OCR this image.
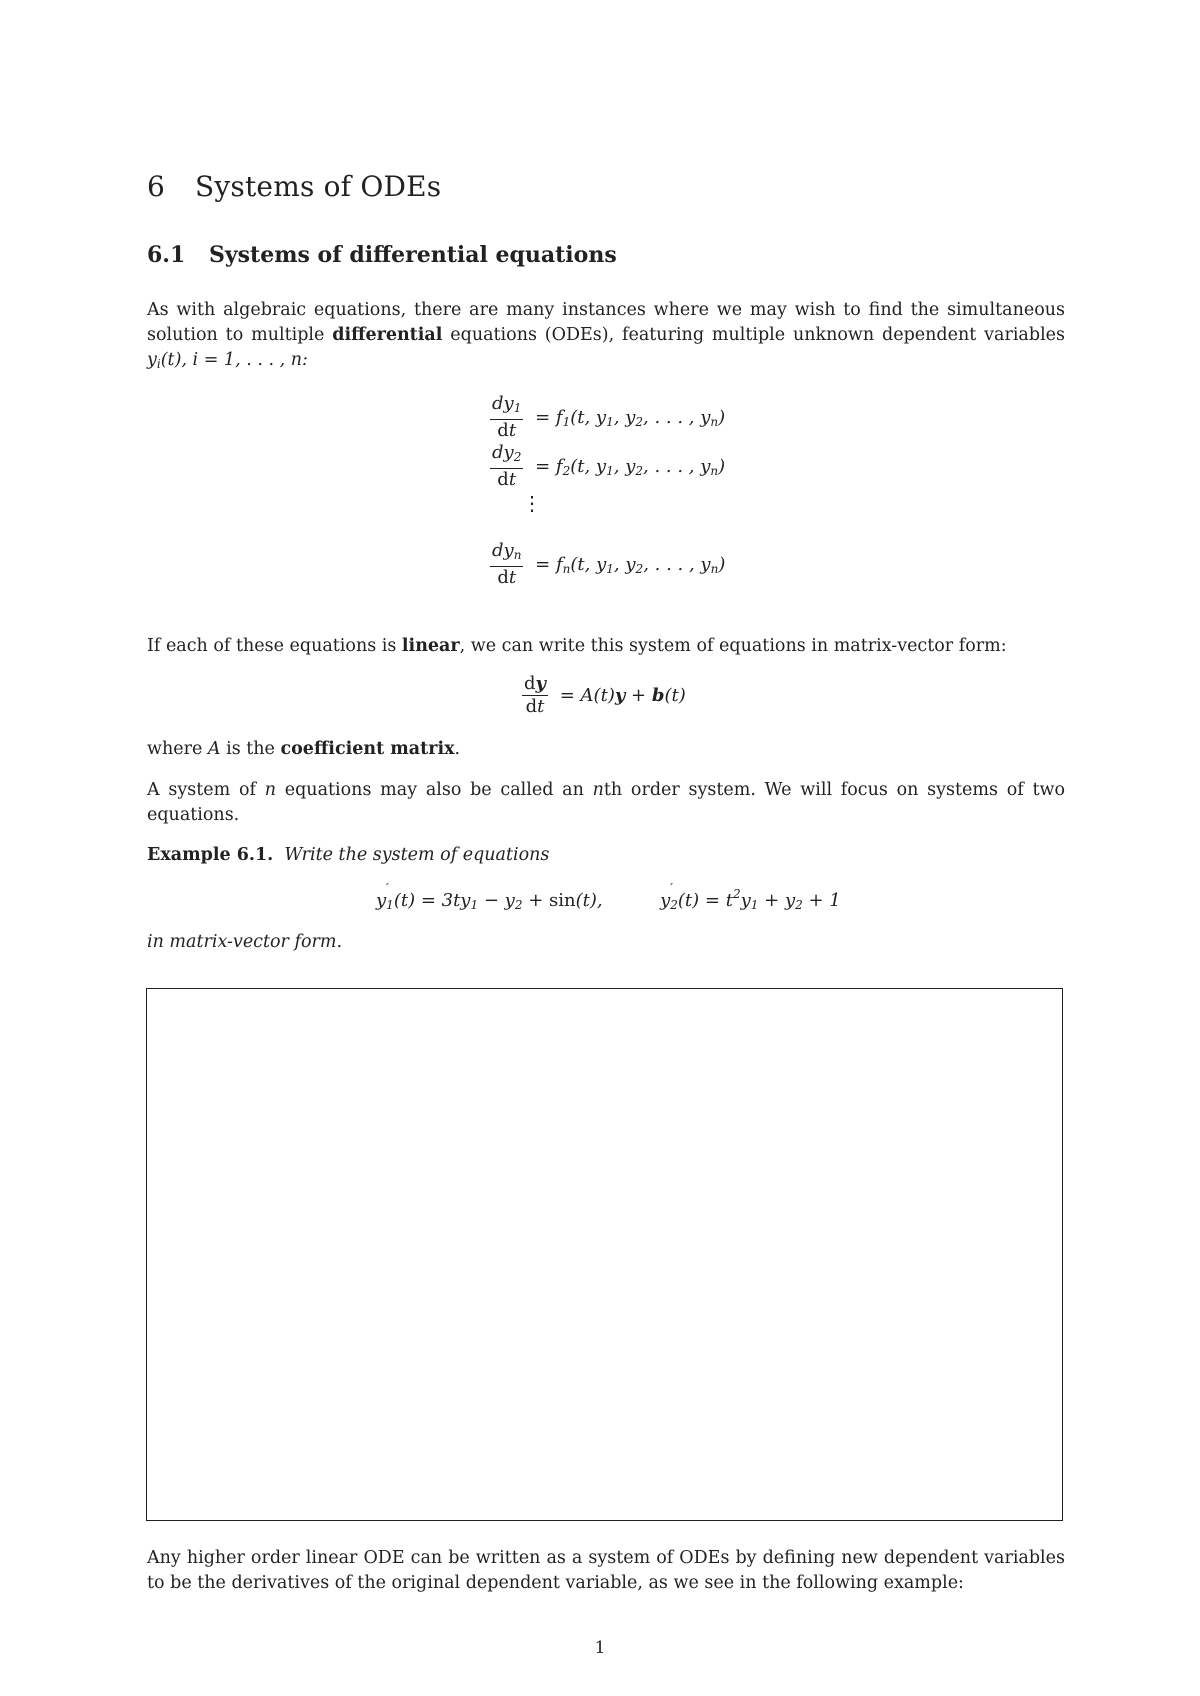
6 Systems of ODEs
6.1 Systems of differential equations

As with algebraic equations, there are many instances where we may wish to find the simultaneous solution to multiple differential equations (ODEs), featuring multiple unknown dependent variables yi(t), i = 1, . . . , n:

$\frac{dy1}{dt} = f1(t$, y1, y2, . . . , yn)
$\frac{dy2}{dt} = f2(t$, y1, y2, . . . , yn)
⋮
$\frac{\text{dyn}}{dt} = fn(t$, y1, y2, . . . , yn)

If each of these equations is linear, we can write this system of equations in matrix-vector form:

$\frac{dy}{dt} = A(t)y + b(t)$

where A is the coefficient matrix.

A system of n equations may also be called an nth order system. We will focus on systems of two equations.

Example 6.1. Write the system of equations

y
′
1(t) = 3ty1 − y2 + sin(t),	y
′
$2(t) = t^2y1 + y2 + 1$

in matrix-vector form.

Any higher order linear ODE can be written as a system of ODEs by defining new dependent variables to be the derivatives of the original dependent variable, as we see in the following example:

1
